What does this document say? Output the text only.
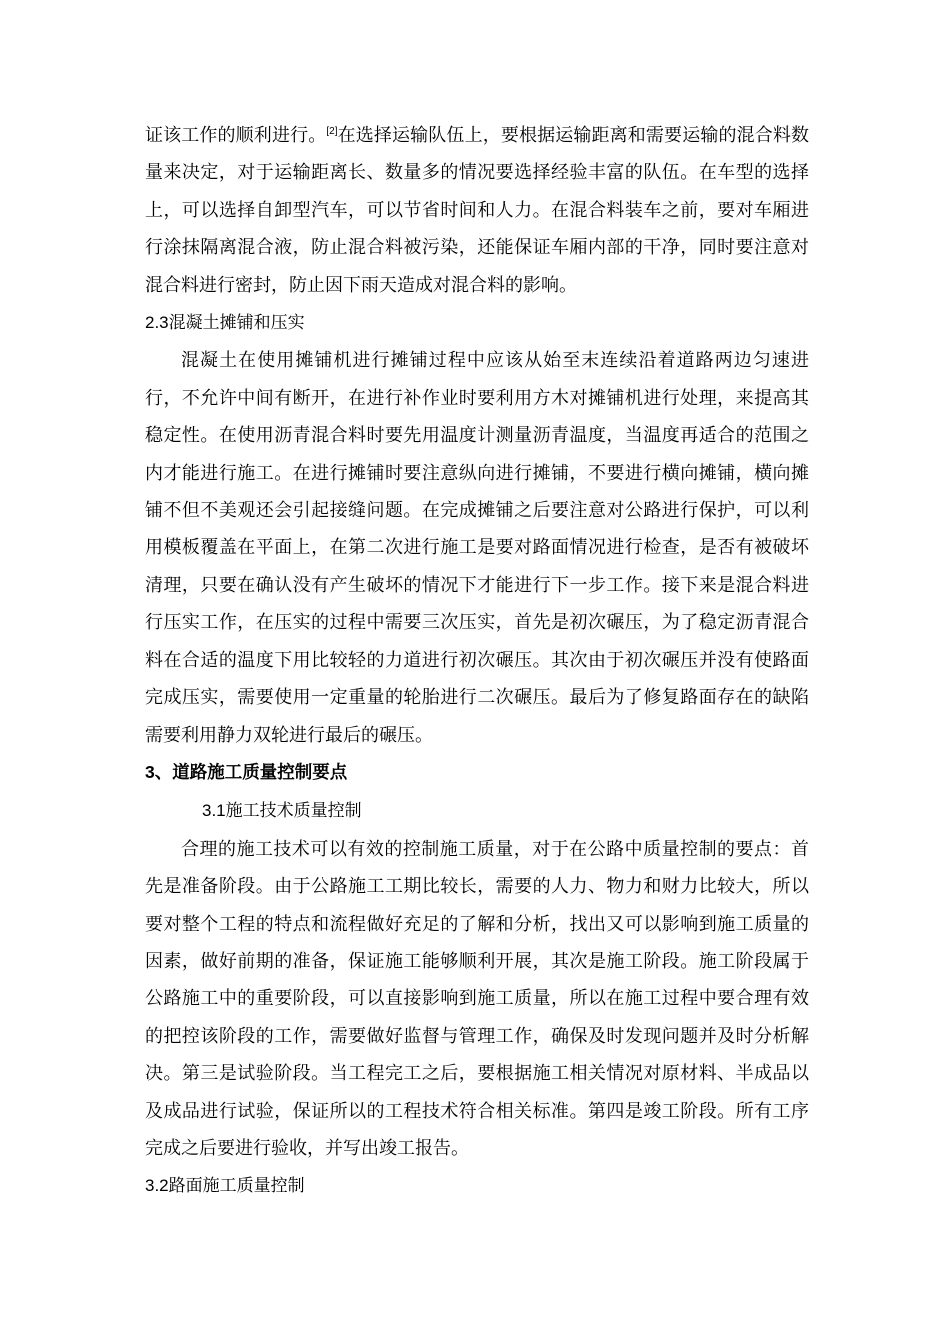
证该工作的顺利进行。[2]在选择运输队伍上，要根据运输距离和需要运输的混合料数量来决定，对于运输距离长、数量多的情况要选择经验丰富的队伍。在车型的选择上，可以选择自卸型汽车，可以节省时间和人力。在混合料装车之前，要对车厢进行涂抹隔离混合液，防止混合料被污染，还能保证车厢内部的干净，同时要注意对混合料进行密封，防止因下雨天造成对混合料的影响。

2.3混凝土摊铺和压实

混凝土在使用摊铺机进行摊铺过程中应该从始至末连续沿着道路两边匀速进行，不允许中间有断开，在进行补作业时要利用方木对摊铺机进行处理，来提高其稳定性。在使用沥青混合料时要先用温度计测量沥青温度，当温度再适合的范围之内才能进行施工。在进行摊铺时要注意纵向进行摊铺，不要进行横向摊铺，横向摊铺不但不美观还会引起接缝问题。在完成摊铺之后要注意对公路进行保护，可以利用模板覆盖在平面上，在第二次进行施工是要对路面情况进行检查，是否有被破坏清理，只要在确认没有产生破坏的情况下才能进行下一步工作。接下来是混合料进行压实工作，在压实的过程中需要三次压实，首先是初次碾压，为了稳定沥青混合料在合适的温度下用比较轻的力道进行初次碾压。其次由于初次碾压并没有使路面完成压实，需要使用一定重量的轮胎进行二次碾压。最后为了修复路面存在的缺陷需要利用静力双轮进行最后的碾压。

3、道路施工质量控制要点

3.1施工技术质量控制

合理的施工技术可以有效的控制施工质量，对于在公路中质量控制的要点：首先是准备阶段。由于公路施工工期比较长，需要的人力、物力和财力比较大，所以要对整个工程的特点和流程做好充足的了解和分析，找出又可以影响到施工质量的因素，做好前期的准备，保证施工能够顺利开展，其次是施工阶段。施工阶段属于公路施工中的重要阶段，可以直接影响到施工质量，所以在施工过程中要合理有效的把控该阶段的工作，需要做好监督与管理工作，确保及时发现问题并及时分析解决。第三是试验阶段。当工程完工之后，要根据施工相关情况对原材料、半成品以及成品进行试验，保证所以的工程技术符合相关标准。第四是竣工阶段。所有工序完成之后要进行验收，并写出竣工报告。

3.2路面施工质量控制
